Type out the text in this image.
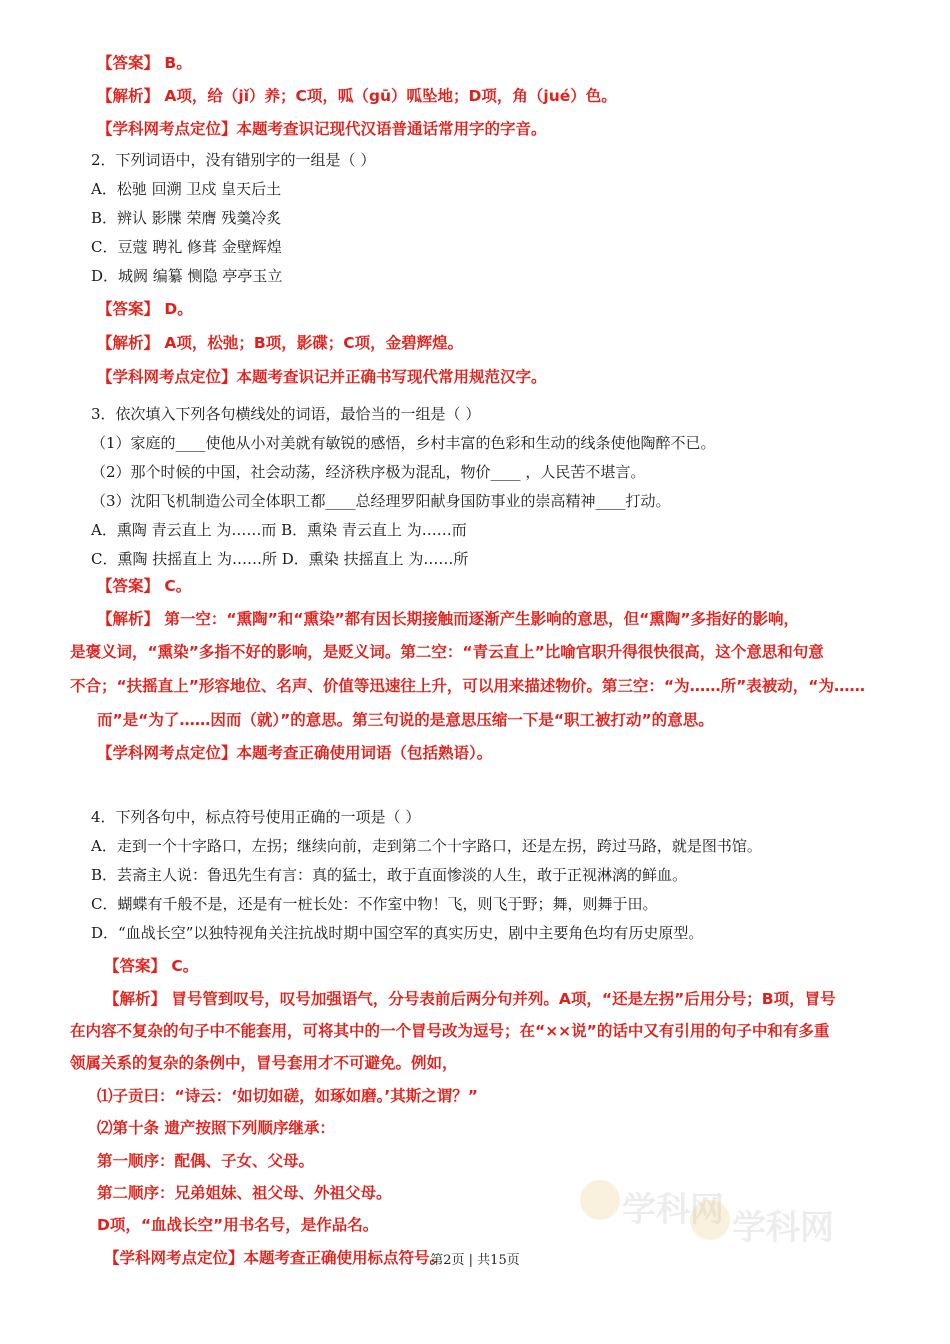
【答案】 B。
【解析】 A项，给（jǐ）养；C项，呱（gū）呱坠地；D项，角（jué）色。
【学科网考点定位】本题考查识记现代汉语普通话常用字的字音。
2．下列词语中，没有错别字的一组是（ ）
A．松驰 回溯 卫戍 皇天后土
B．辨认 影牒 荣膺 残羹冷炙
C．豆蔻 聘礼 修葺 金壁辉煌
D．城阙 编纂 恻隐 亭亭玉立
【答案】 D。
【解析】 A项，松弛；B项，影碟；C项，金碧辉煌。
【学科网考点定位】本题考查识记并正确书写现代常用规范汉字。
3．依次填入下列各句横线处的词语，最恰当的一组是（ ）
（1）家庭的____使他从小对美就有敏锐的感悟，乡村丰富的色彩和生动的线条使他陶醉不已。
（2）那个时候的中国，社会动荡，经济秩序极为混乱，物价____ ，人民苦不堪言。
（3）沈阳飞机制造公司全体职工都____总经理罗阳献身国防事业的崇高精神____打动。
A．熏陶 青云直上 为……而 B．熏染 青云直上 为……而
C．熏陶 扶摇直上 为……所 D．熏染 扶摇直上 为……所
【答案】 C。
【解析】 第一空：“熏陶”和“熏染”都有因长期接触而逐渐产生影响的意思，但“熏陶”多指好的影响，
是褒义词，“熏染”多指不好的影响，是贬义词。第二空：“青云直上”比喻官职升得很快很高，这个意思和句意
不合；“扶摇直上”形容地位、名声、价值等迅速往上升，可以用来描述物价。第三空：“为……所”表被动，“为……
而”是“为了……因而（就）”的意思。第三句说的是意思压缩一下是“职工被打动”的意思。
【学科网考点定位】本题考查正确使用词语（包括熟语）。
4．下列各句中，标点符号使用正确的一项是（ ）
A．走到一个十字路口，左拐；继续向前，走到第二个十字路口，还是左拐，跨过马路，就是图书馆。
B．芸斋主人说：鲁迅先生有言：真的猛士，敢于直面惨淡的人生，敢于正视淋漓的鲜血。
C．蝴蝶有千般不是，还是有一桩长处：不作室中物！飞，则飞于野；舞，则舞于田。
D．“血战长空”以独特视角关注抗战时期中国空军的真实历史，剧中主要角色均有历史原型。
【答案】 C。
【解析】 冒号管到叹号，叹号加强语气，分号表前后两分句并列。A项，“还是左拐”后用分号；B项，冒号
在内容不复杂的句子中不能套用，可将其中的一个冒号改为逗号；在“××说”的话中又有引用的句子中和有多重
领属关系的复杂的条例中，冒号套用才不可避免。例如，
⑴子贡曰：“诗云：‘如切如磋，如琢如磨。’其斯之谓？”
⑵第十条 遗产按照下列顺序继承：
第一顺序：配偶、子女、父母。
第二顺序：兄弟姐妹、祖父母、外祖父母。
D项，“血战长空”用书名号，是作品名。
【学科网考点定位】本题考查正确使用标点符号。
学科网 学科网
第2页 | 共15页
